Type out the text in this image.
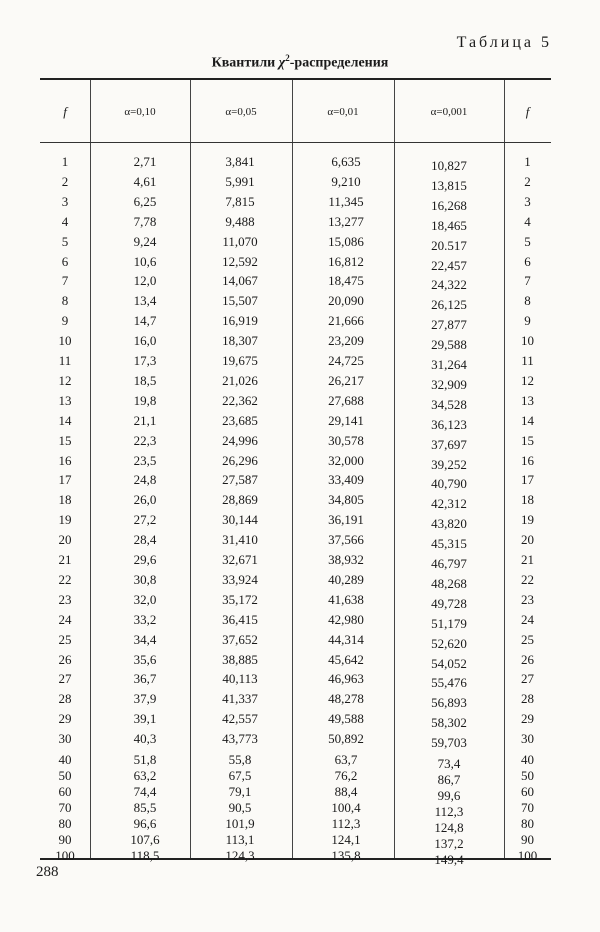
Таблица 5
Квантили $\chi^2$-распределения
f	α=0,10	α=0,05	α=0,01	α=0,001	f
1	2,71	3,841	6,635	10,827	1
2	4,61	5,991	9,210	13,815	2
3	6,25	7,815	11,345	16,268	3
4	7,78	9,488	13,277	18,465	4
5	9,24	11,070	15,086	20.517	5
6	10,6	12,592	16,812	22,457	6
7	12,0	14,067	18,475	24,322	7
8	13,4	15,507	20,090	26,125	8
9	14,7	16,919	21,666	27,877	9
10	16,0	18,307	23,209	29,588	10
11	17,3	19,675	24,725	31,264	11
12	18,5	21,026	26,217	32,909	12
13	19,8	22,362	27,688	34,528	13
14	21,1	23,685	29,141	36,123	14
15	22,3	24,996	30,578	37,697	15
16	23,5	26,296	32,000	39,252	16
17	24,8	27,587	33,409	40,790	17
18	26,0	28,869	34,805	42,312	18
19	27,2	30,144	36,191	43,820	19
20	28,4	31,410	37,566	45,315	20
21	29,6	32,671	38,932	46,797	21
22	30,8	33,924	40,289	48,268	22
23	32,0	35,172	41,638	49,728	23
24	33,2	36,415	42,980	51,179	24
25	34,4	37,652	44,314	52,620	25
26	35,6	38,885	45,642	54,052	26
27	36,7	40,113	46,963	55,476	27
28	37,9	41,337	48,278	56,893	28
29	39,1	42,557	49,588	58,302	29
30	40,3	43,773	50,892	59,703	30
40	51,8	55,8	63,7	73,4	40
50	63,2	67,5	76,2	86,7	50
60	74,4	79,1	88,4	99,6	60
70	85,5	90,5	100,4	112,3	70
80	96,6	101,9	112,3	124,8	80
90	107,6	113,1	124,1	137,2	90
100	118,5	124,3	135,8	149,4	100
288
